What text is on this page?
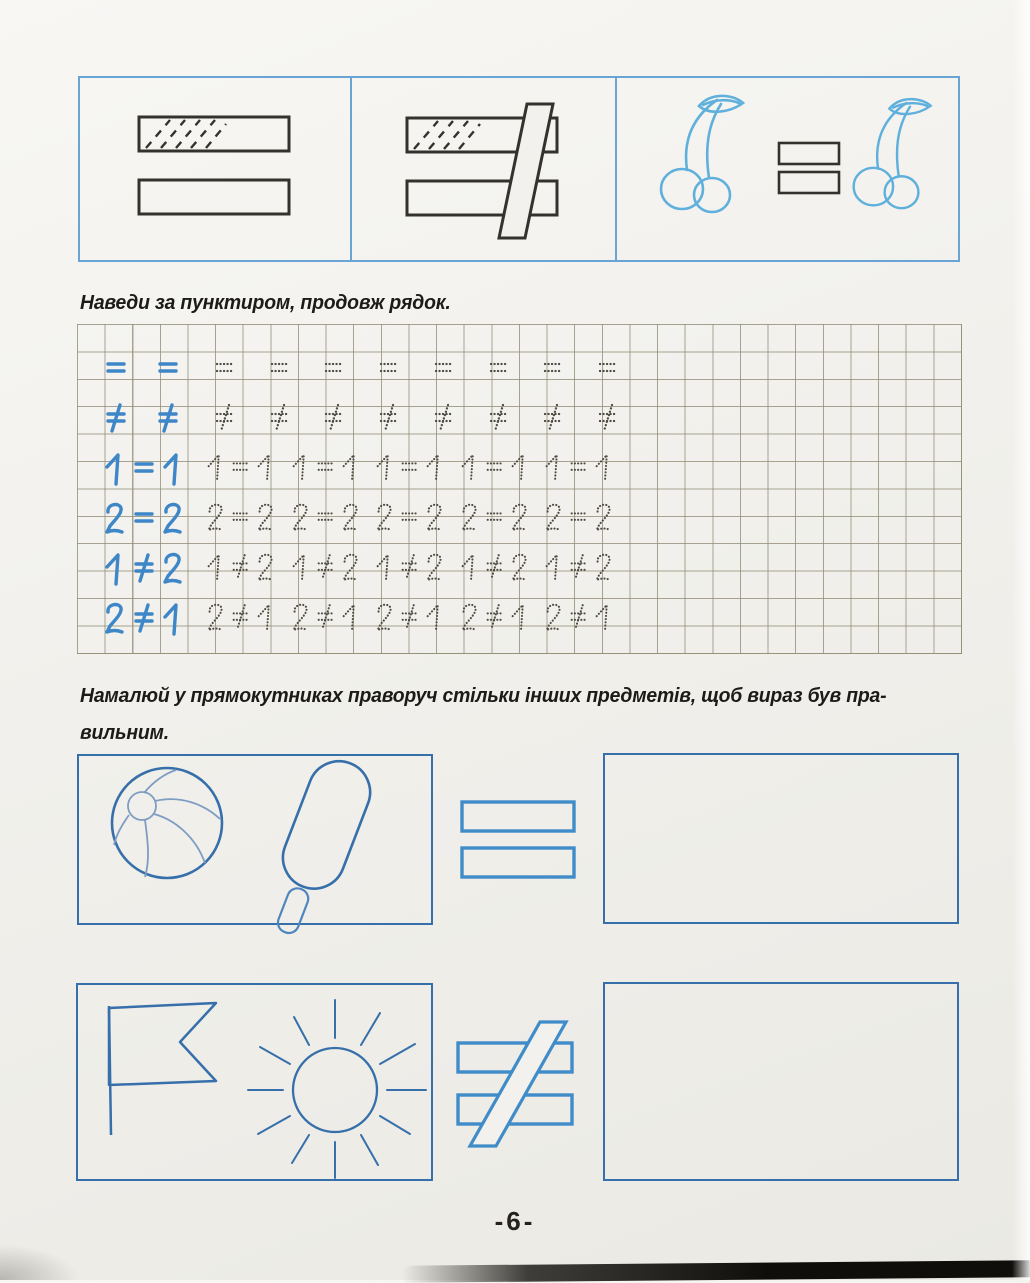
Наведи за пунктиром, продовж рядок.
Намалюй у прямокутниках праворуч стільки інших предметів, щоб вираз був пра-
вильним.
-6-
